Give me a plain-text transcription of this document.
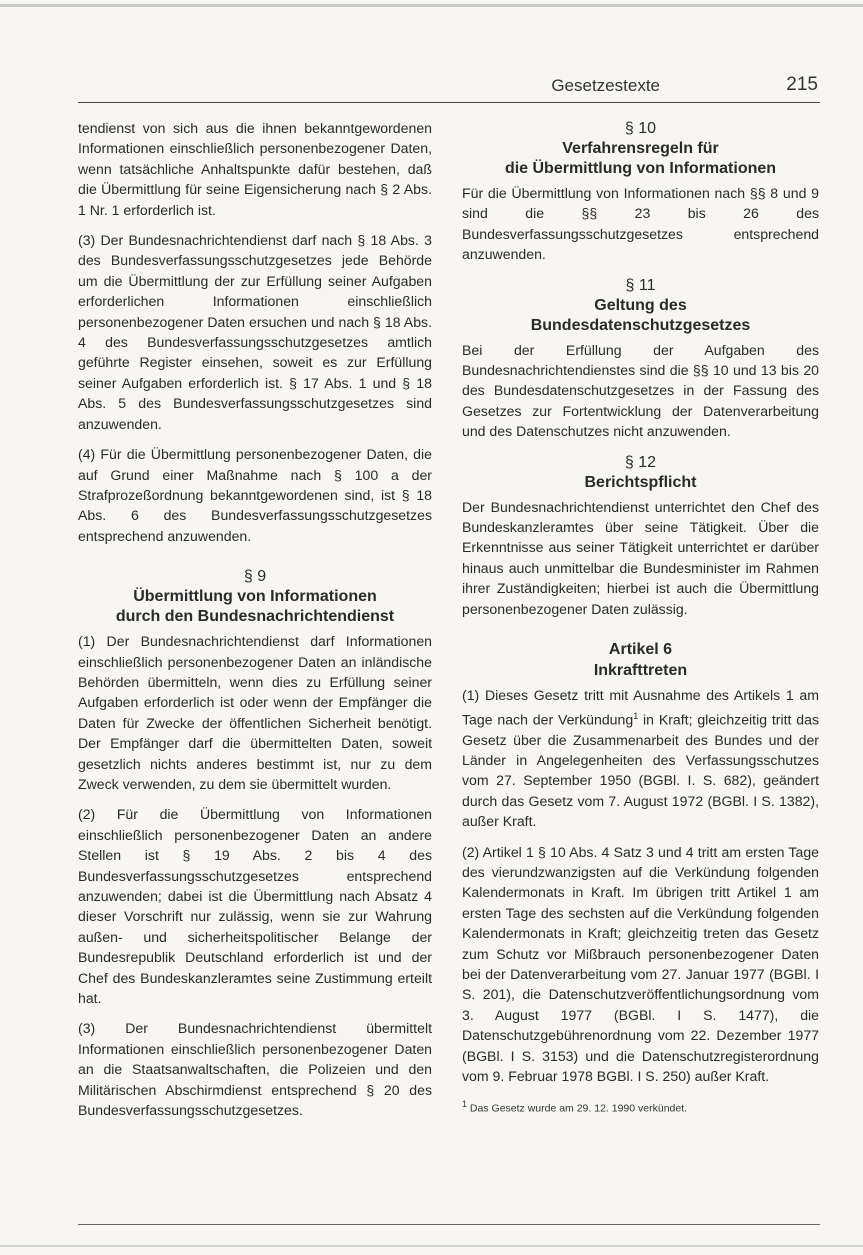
Gesetzestexte	215

tendienst von sich aus die ihnen bekanntgewordenen Informationen einschließlich personenbezogener Daten, wenn tatsächliche Anhaltspunkte dafür bestehen, daß die Übermittlung für seine Eigensicherung nach § 2 Abs. 1 Nr. 1 erforderlich ist.

(3) Der Bundesnachrichtendienst darf nach § 18 Abs. 3 des Bundesverfassungsschutzgesetzes jede Behörde um die Übermittlung der zur Erfüllung seiner Aufgaben erforderlichen Informationen einschließlich personenbezogener Daten ersuchen und nach § 18 Abs. 4 des Bundesverfassungsschutzgesetzes amtlich geführte Register einsehen, soweit es zur Erfüllung seiner Aufgaben erforderlich ist. § 17 Abs. 1 und § 18 Abs. 5 des Bundesverfassungsschutzgesetzes sind anzuwenden.

(4) Für die Übermittlung personenbezogener Daten, die auf Grund einer Maßnahme nach § 100 a der Strafprozeßordnung bekanntgewordenen sind, ist § 18 Abs. 6 des Bundesverfassungsschutzgesetzes entsprechend anzuwenden.

§ 9
Übermittlung von Informationen
durch den Bundesnachrichtendienst

(1) Der Bundesnachrichtendienst darf Informationen einschließlich personenbezogener Daten an inländische Behörden übermitteln, wenn dies zu Erfüllung seiner Aufgaben erforderlich ist oder wenn der Empfänger die Daten für Zwecke der öffentlichen Sicherheit benötigt. Der Empfänger darf die übermittelten Daten, soweit gesetzlich nichts anderes bestimmt ist, nur zu dem Zweck verwenden, zu dem sie übermittelt wurden.

(2) Für die Übermittlung von Informationen einschließlich personenbezogener Daten an andere Stellen ist § 19 Abs. 2 bis 4 des Bundesverfassungsschutzgesetzes entsprechend anzuwenden; dabei ist die Übermittlung nach Absatz 4 dieser Vorschrift nur zulässig, wenn sie zur Wahrung außen- und sicherheitspolitischer Belange der Bundesrepublik Deutschland erforderlich ist und der Chef des Bundeskanzleramtes seine Zustimmung erteilt hat.

(3) Der Bundesnachrichtendienst übermittelt Informationen einschließlich personenbezogener Daten an die Staatsanwaltschaften, die Polizeien und den Militärischen Abschirmdienst entsprechend § 20 des Bundesverfassungsschutzgesetzes.

§ 10
Verfahrensregeln für
die Übermittlung von Informationen

Für die Übermittlung von Informationen nach §§ 8 und 9 sind die §§ 23 bis 26 des Bundesverfassungsschutzgesetzes entsprechend anzuwenden.

§ 11
Geltung des
Bundesdatenschutzgesetzes

Bei der Erfüllung der Aufgaben des Bundesnachrichtendienstes sind die §§ 10 und 13 bis 20 des Bundesdatenschutzgesetzes in der Fassung des Gesetzes zur Fortentwicklung der Datenverarbeitung und des Datenschutzes nicht anzuwenden.

§ 12
Berichtspflicht

Der Bundesnachrichtendienst unterrichtet den Chef des Bundeskanzleramtes über seine Tätigkeit. Über die Erkenntnisse aus seiner Tätigkeit unterrichtet er darüber hinaus auch unmittelbar die Bundesminister im Rahmen ihrer Zuständigkeiten; hierbei ist auch die Übermittlung personenbezogener Daten zulässig.

Artikel 6
Inkrafttreten

(1) Dieses Gesetz tritt mit Ausnahme des Artikels 1 am Tage nach der Verkündung$^1$ in Kraft; gleichzeitig tritt das Gesetz über die Zusammenarbeit des Bundes und der Länder in Angelegenheiten des Verfassungsschutzes vom 27. September 1950 (BGBl. I. S. 682), geändert durch das Gesetz vom 7. August 1972 (BGBl. I S. 1382), außer Kraft.

(2) Artikel 1 § 10 Abs. 4 Satz 3 und 4 tritt am ersten Tage des vierundzwanzigsten auf die Verkündung folgenden Kalendermonats in Kraft. Im übrigen tritt Artikel 1 am ersten Tage des sechsten auf die Verkündung folgenden Kalendermonats in Kraft; gleichzeitig treten das Gesetz zum Schutz vor Mißbrauch personenbezogener Daten bei der Datenverarbeitung vom 27. Januar 1977 (BGBl. I S. 201), die Datenschutzveröffentlichungsordnung vom 3. August 1977 (BGBl. I S. 1477), die Datenschutzgebührenordnung vom 22. Dezember 1977 (BGBl. I S. 3153) und die Datenschutzregisterordnung vom 9. Februar 1978 BGBl. I S. 250) außer Kraft.

1 Das Gesetz wurde am 29. 12. 1990 verkündet.
